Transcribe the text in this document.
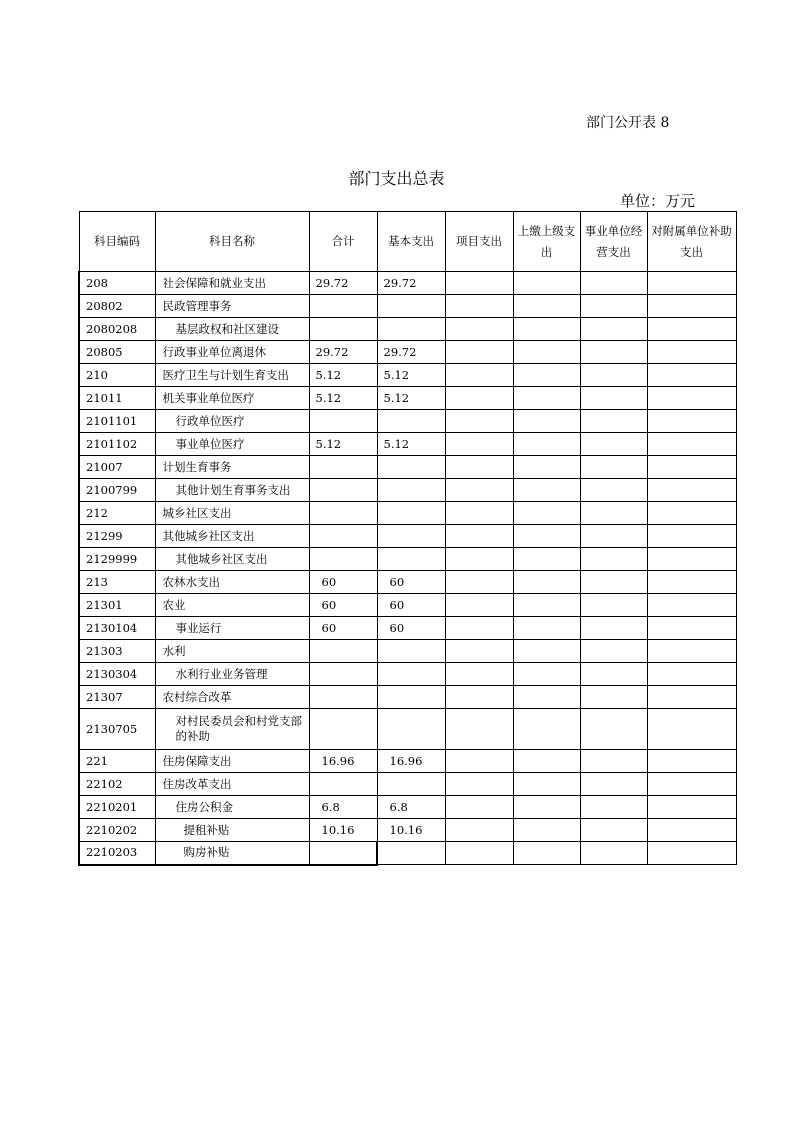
部门公开表 8
部门支出总表
单位：万元
科目编码	科目名称	合计	基本支出	项目支出	上缴上级支出	事业单位经营支出	对附属单位补助支出
208	社会保障和就业支出	29.72	29.72				
20802	民政管理事务						
2080208	基层政权和社区建设						
20805	行政事业单位离退休	29.72	29.72				
210	医疗卫生与计划生育支出	5.12	5.12				
21011	机关事业单位医疗	5.12	5.12				
2101101	行政单位医疗						
2101102	事业单位医疗	5.12	5.12				
21007	计划生育事务						
2100799	其他计划生育事务支出						
212	城乡社区支出						
21299	其他城乡社区支出						
2129999	其他城乡社区支出						
213	农林水支出	60	60				
21301	农业	60	60				
2130104	事业运行	60	60				
21303	水利						
2130304	水利行业业务管理						
21307	农村综合改革						
2130705	对村民委员会和村党支部的补助						
221	住房保障支出	16.96	16.96				
22102	住房改革支出						
2210201	住房公积金	6.8	6.8				
2210202	提租补贴	10.16	10.16				
2210203	购房补贴						
